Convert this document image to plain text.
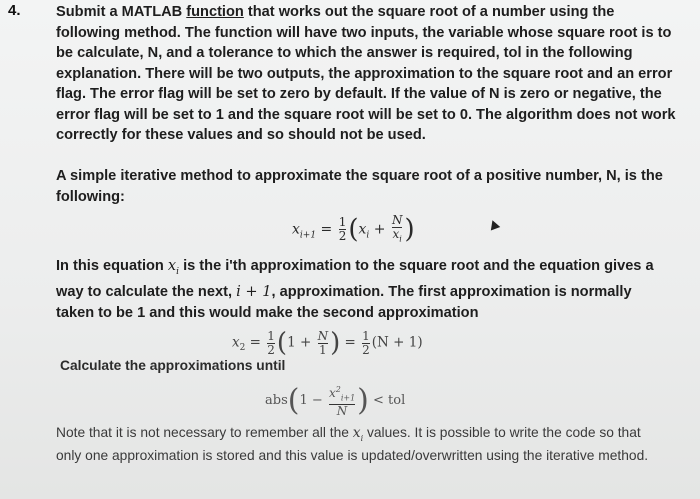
4. Submit a MATLAB function that works out the square root of a number using the following method. The function will have two inputs, the variable whose square root is to be calculate, N, and a tolerance to which the answer is required, tol in the following explanation. There will be two outputs, the approximation to the square root and an error flag. The error flag will be set to zero by default. If the value of N is zero or negative, the error flag will be set to 1 and the square root will be set to 0. The algorithm does not work correctly for these values and so should not be used.
A simple iterative method to approximate the square root of a positive number, N, is the following:
$x_{i+1} = \frac{1}{2} (x_i + \frac{N}{x_i}$ )
In this equation $x_i$ is the i'th approximation to the square root and the equation gives a way to calculate the next, i + 1, approximation. The first approximation is normally taken to be 1 and this would make the second approximation
$x_2 = \frac{1}{2} (1 + \frac{N}{1}$ ) = $\frac{1}{2} (N + 1)$
Calculate the approximations until
$abs(1 - \frac{x^2_{i+1}}{N}$ ) < tol
Note that it is not necessary to remember all the $x_i$ values. It is possible to write the code so that only one approximation is stored and this value is updated/overwritten using the iterative method.
